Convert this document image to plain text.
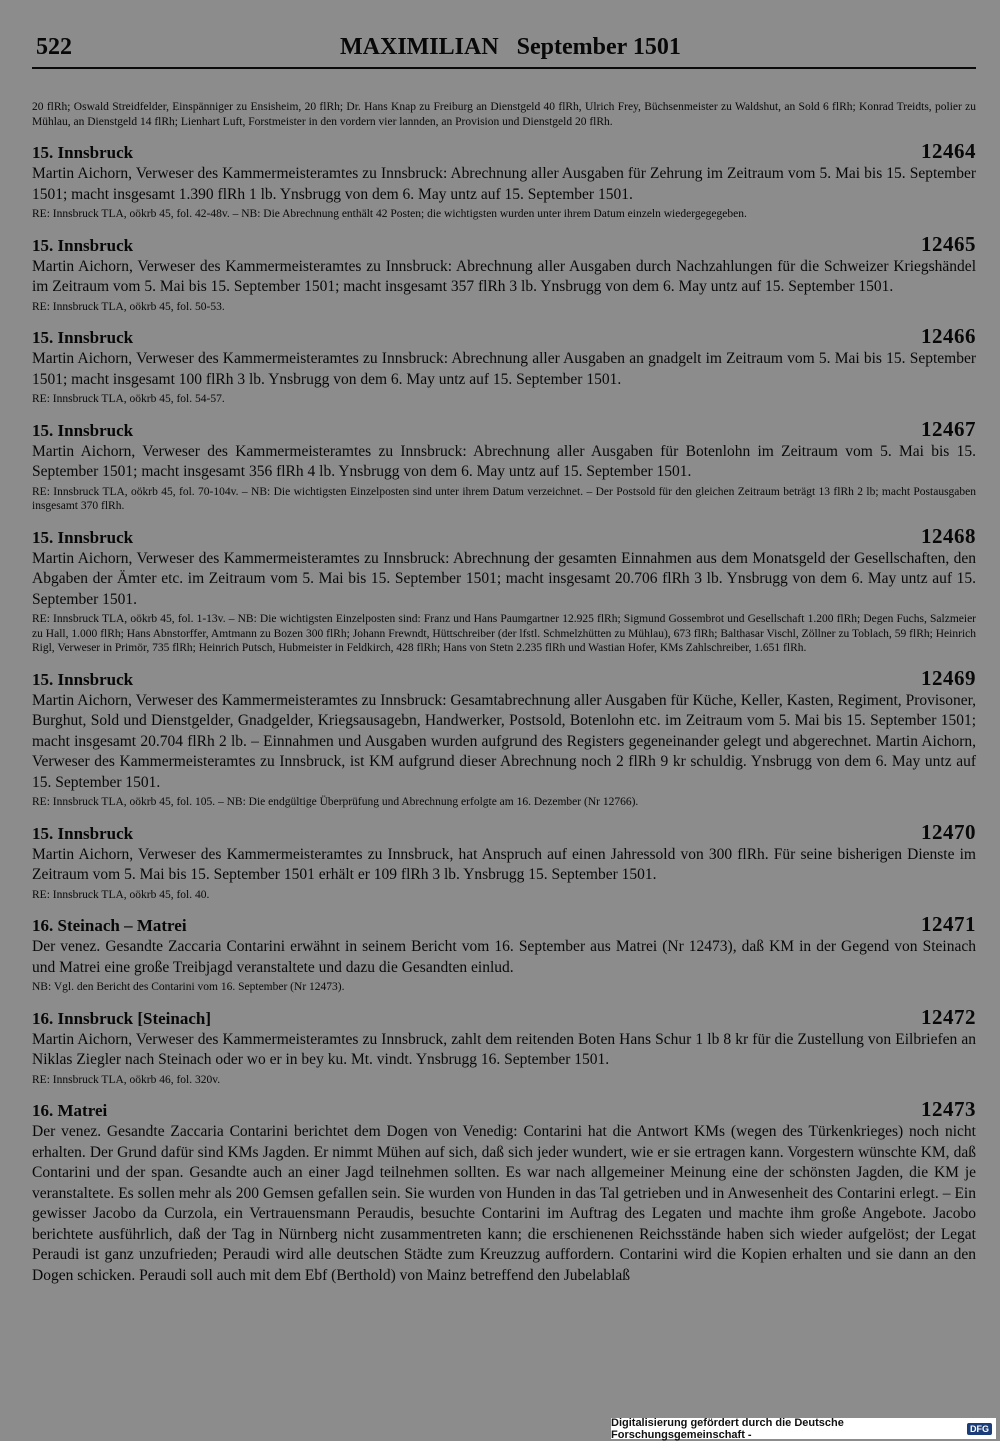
522	MAXIMILIAN   September 1501
20 flRh; Oswald Streidfelder, Einspänniger zu Ensisheim, 20 flRh; Dr. Hans Knap zu Freiburg an Dienstgeld 40 flRh, Ulrich Frey, Büchsenmeister zu Waldshut, an Sold 6 flRh; Konrad Treidts, polier zu Mühlau, an Dienstgeld 14 flRh; Lienhart Luft, Forstmeister in den vordern vier lannden, an Provision und Dienstgeld 20 flRh.
15. Innsbruck	12464
Martin Aichorn, Verweser des Kammermeisteramtes zu Innsbruck: Abrechnung aller Ausgaben für Zehrung im Zeitraum vom 5. Mai bis 15. September 1501; macht insgesamt 1.390 flRh 1 lb. Ynsbrugg von dem 6. May untz auf 15. September 1501.
RE: Innsbruck TLA, oökrb 45, fol. 42-48v. – NB: Die Abrechnung enthält 42 Posten; die wichtigsten wurden unter ihrem Datum einzeln wiedergegegeben.
15. Innsbruck	12465
Martin Aichorn, Verweser des Kammermeisteramtes zu Innsbruck: Abrechnung aller Ausgaben durch Nachzahlungen für die Schweizer Kriegshändel im Zeitraum vom 5. Mai bis 15. September 1501; macht insgesamt 357 flRh 3 lb. Ynsbrugg von dem 6. May untz auf 15. September 1501.
RE: Innsbruck TLA, oökrb 45, fol. 50-53.
15. Innsbruck	12466
Martin Aichorn, Verweser des Kammermeisteramtes zu Innsbruck: Abrechnung aller Ausgaben an gnadgelt im Zeitraum vom 5. Mai bis 15. September 1501; macht insgesamt 100 flRh 3 lb. Ynsbrugg von dem 6. May untz auf 15. September 1501.
RE: Innsbruck TLA, oökrb 45, fol. 54-57.
15. Innsbruck	12467
Martin Aichorn, Verweser des Kammermeisteramtes zu Innsbruck: Abrechnung aller Ausgaben für Botenlohn im Zeitraum vom 5. Mai bis 15. September 1501; macht insgesamt 356 flRh 4 lb. Ynsbrugg von dem 6. May untz auf 15. September 1501.
RE: Innsbruck TLA, oökrb 45, fol. 70-104v. – NB: Die wichtigsten Einzelposten sind unter ihrem Datum verzeichnet. – Der Postsold für den gleichen Zeitraum beträgt 13 flRh 2 lb; macht Postausgaben insgesamt 370 flRh.
15. Innsbruck	12468
Martin Aichorn, Verweser des Kammermeisteramtes zu Innsbruck: Abrechnung der gesamten Einnahmen aus dem Monatsgeld der Gesellschaften, den Abgaben der Ämter etc. im Zeitraum vom 5. Mai bis 15. September 1501; macht insgesamt 20.706 flRh 3 lb. Ynsbrugg von dem 6. May untz auf 15. September 1501.
RE: Innsbruck TLA, oökrb 45, fol. 1-13v. – NB: Die wichtigsten Einzelposten sind: Franz und Hans Paumgartner 12.925 flRh; Sigmund Gossembrot und Gesellschaft 1.200 flRh; Degen Fuchs, Salzmeier zu Hall, 1.000 flRh; Hans Abnstorffer, Amtmann zu Bozen 300 flRh; Johann Frewndt, Hüttschreiber (der lfstl. Schmelzhütten zu Mühlau), 673 flRh; Balthasar Vischl, Zöllner zu Toblach, 59 flRh; Heinrich Rigl, Verweser in Primör, 735 flRh; Heinrich Putsch, Hubmeister in Feldkirch, 428 flRh; Hans von Stetn 2.235 flRh und Wastian Hofer, KMs Zahlschreiber, 1.651 flRh.
15. Innsbruck	12469
Martin Aichorn, Verweser des Kammermeisteramtes zu Innsbruck: Gesamtabrechnung aller Ausgaben für Küche, Keller, Kasten, Regiment, Provisoner, Burghut, Sold und Dienstgelder, Gnadgelder, Kriegsausagebn, Handwerker, Postsold, Botenlohn etc. im Zeitraum vom 5. Mai bis 15. September 1501; macht insgesamt 20.704 flRh 2 lb. – Einnahmen und Ausgaben wurden aufgrund des Registers gegeneinander gelegt und abgerechnet. Martin Aichorn, Verweser des Kammermeisteramtes zu Innsbruck, ist KM aufgrund dieser Abrechnung noch 2 flRh 9 kr schuldig. Ynsbrugg von dem 6. May untz auf 15. September 1501.
RE: Innsbruck TLA, oökrb 45, fol. 105. – NB: Die endgültige Überprüfung und Abrechnung erfolgte am 16. Dezember (Nr 12766).
15. Innsbruck	12470
Martin Aichorn, Verweser des Kammermeisteramtes zu Innsbruck, hat Anspruch auf einen Jahressold von 300 flRh. Für seine bisherigen Dienste im Zeitraum vom 5. Mai bis 15. September 1501 erhält er 109 flRh 3 lb. Ynsbrugg 15. September 1501.
RE: Innsbruck TLA, oökrb 45, fol. 40.
16. Steinach – Matrei	12471
Der venez. Gesandte Zaccaria Contarini erwähnt in seinem Bericht vom 16. September aus Matrei (Nr 12473), daß KM in der Gegend von Steinach und Matrei eine große Treibjagd veranstaltete und dazu die Gesandten einlud.
NB: Vgl. den Bericht des Contarini vom 16. September (Nr 12473).
16. Innsbruck [Steinach]	12472
Martin Aichorn, Verweser des Kammermeisteramtes zu Innsbruck, zahlt dem reitenden Boten Hans Schur 1 lb 8 kr für die Zustellung von Eilbriefen an Niklas Ziegler nach Steinach oder wo er in bey ku. Mt. vindt. Ynsbrugg 16. September 1501.
RE: Innsbruck TLA, oökrb 46, fol. 320v.
16. Matrei	12473
Der venez. Gesandte Zaccaria Contarini berichtet dem Dogen von Venedig: Contarini hat die Antwort KMs (wegen des Türkenkrieges) noch nicht erhalten. Der Grund dafür sind KMs Jagden. Er nimmt Mühen auf sich, daß sich jeder wundert, wie er sie ertragen kann. Vorgestern wünschte KM, daß Contarini und der span. Gesandte auch an einer Jagd teilnehmen sollten. Es war nach allgemeiner Meinung eine der schönsten Jagden, die KM je veranstaltete. Es sollen mehr als 200 Gemsen gefallen sein. Sie wurden von Hunden in das Tal getrieben und in Anwesenheit des Contarini erlegt. – Ein gewisser Jacobo da Curzola, ein Vertrauensmann Peraudis, besuchte Contarini im Auftrag des Legaten und machte ihm große Angebote. Jacobo berichtete ausführlich, daß der Tag in Nürnberg nicht zusammentreten kann; die erschienenen Reichsstände haben sich wieder aufgelöst; der Legat Peraudi ist ganz unzufrieden; Peraudi wird alle deutschen Städte zum Kreuzzug auffordern. Contarini wird die Kopien erhalten und sie dann an den Dogen schicken. Peraudi soll auch mit dem Ebf (Berthold) von Mainz betreffend den Jubelablaß
Digitalisierung gefördert durch die Deutsche Forschungsgemeinschaft -	DFG
